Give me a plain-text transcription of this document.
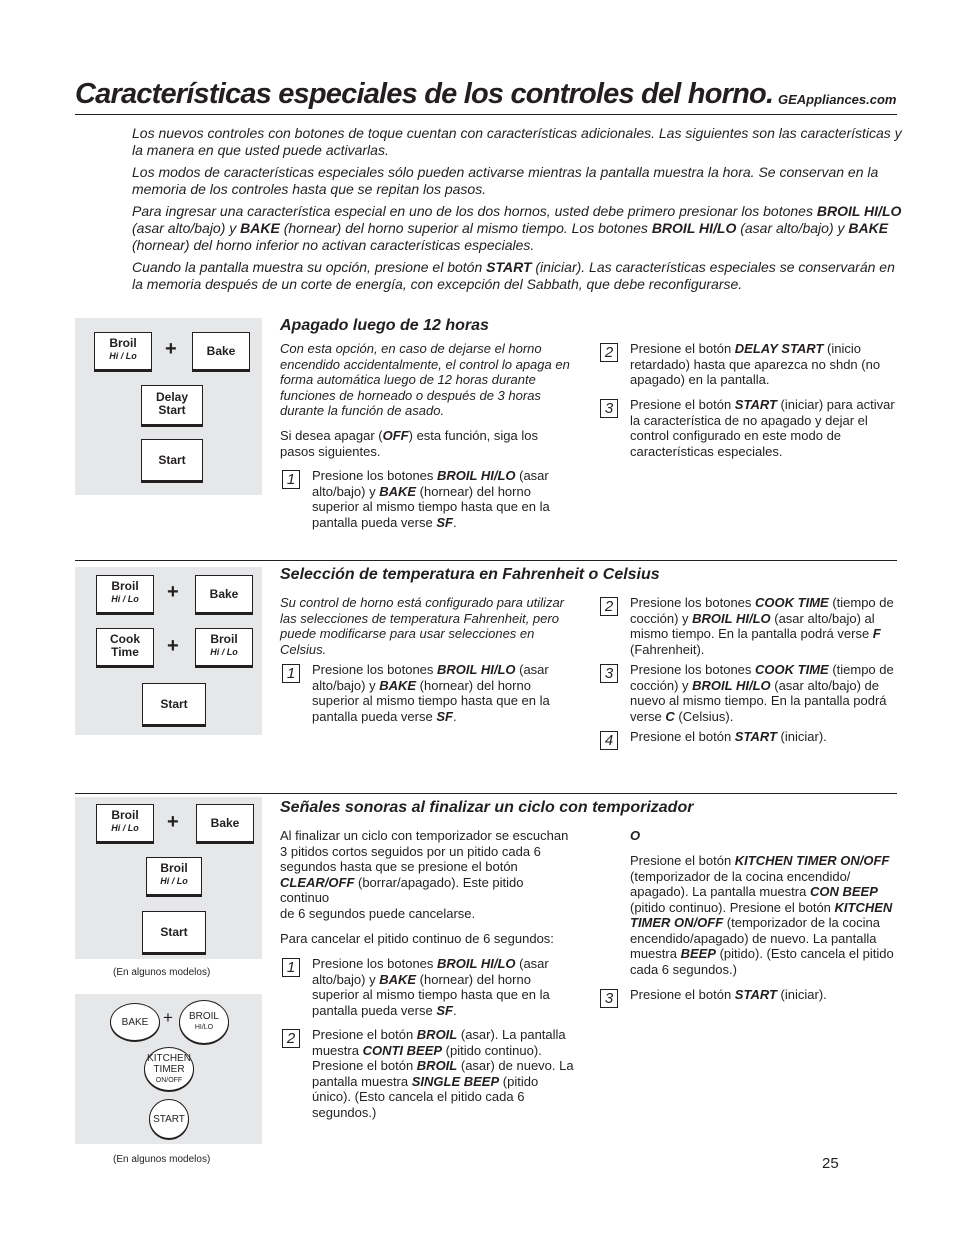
Características especiales de los controles del horno. GEAppliances.com

Los nuevos controles con botones de toque cuentan con características adicionales. Las siguientes son las características y la manera en que usted puede activarlas.

Los modos de características especiales sólo pueden activarse mientras la pantalla muestra la hora. Se conservan en la memoria de los controles hasta que se repitan los pasos.

Para ingresar una característica especial en uno de los dos hornos, usted debe primero presionar los botones BROIL HI/LO (asar alto/bajo) y BAKE (hornear) del horno superior al mismo tiempo. Los botones BROIL HI/LO (asar alto/bajo) y BAKE (hornear) del horno inferior no activan características especiales.

Cuando la pantalla muestra su opción, presione el botón START (iniciar). Las características especiales se conservarán en la memoria después de un corte de energía, con excepción del Sabbath, que debe reconfigurarse.

Broil
Hi / Lo	+ Bake
Delay
Start
Start
Apagado luego de 12 horas
Con esta opción, en caso de dejarse el horno encendido accidentalmente, el control lo apaga en forma automática luego de 12 horas durante funciones de horneado o después de 3 horas durante la función de asado.
Si desea apagar (OFF) esta función, siga los pasos siguientes.
1	Presione los botones BROIL HI/LO (asar alto/bajo) y BAKE (hornear) del horno superior al mismo tiempo hasta que en la pantalla pueda verse SF.
2	Presione el botón DELAY START (inicio retardado) hasta que aparezca no shdn (no apagado) en la pantalla.
3	Presione el botón START (iniciar) para activar la característica de no apagado y dejar el control configurado en este modo de características especiales.
Broil
Hi / Lo	+	Bake
Cook
Time	+	Broil
Hi / Lo
Start
Selección de temperatura en Fahrenheit o Celsius
Su control de horno está configurado para utilizar las selecciones de temperatura Fahrenheit, pero puede modificarse para usar selecciones en Celsius.
1	Presione los botones BROIL HI/LO (asar alto/bajo) y BAKE (hornear) del horno superior al mismo tiempo hasta que en la pantalla pueda verse SF.
2	Presione los botones COOK TIME (tiempo de cocción) y BROIL HI/LO (asar alto/bajo) al mismo tiempo. En la pantalla podrá verse F (Fahrenheit).
3	Presione los botones COOK TIME (tiempo de cocción) y BROIL HI/LO (asar alto/bajo) de nuevo al mismo tiempo. En la pantalla podrá verse C (Celsius).
4	Presione el botón START (iniciar).
Broil
Hi / Lo	+	Bake
Broil
Hi / Lo
Start
(En algunos modelos)
BAKE + BROIL
HI/LO
KITCHEN
TIMER
ON/OFF
START
(En algunos modelos)
Señales sonoras al finalizar un ciclo con temporizador
Al finalizar un ciclo con temporizador se escuchan 3 pitidos cortos seguidos por un pitido cada 6 segundos hasta que se presione el botón CLEAR/OFF (borrar/apagado). Este pitido continuo
de 6 segundos puede cancelarse.
Para cancelar el pitido continuo de 6 segundos:
1	Presione los botones BROIL HI/LO (asar alto/bajo) y BAKE (hornear) del horno superior al mismo tiempo hasta que en la pantalla pueda verse SF.
2	Presione el botón BROIL (asar). La pantalla muestra CONTI BEEP (pitido continuo). Presione el botón BROIL (asar) de nuevo. La pantalla muestra SINGLE BEEP (pitido único). (Esto cancela el pitido cada 6 segundos.)
O
Presione el botón KITCHEN TIMER ON/OFF (temporizador de la cocina encendido/ apagado). La pantalla muestra CON BEEP (pitido continuo). Presione el botón KITCHEN TIMER ON/OFF (temporizador de la cocina encendido/apagado) de nuevo. La pantalla muestra BEEP (pitido). (Esto cancela el pitido cada 6 segundos.)
3	Presione el botón START (iniciar).
25
